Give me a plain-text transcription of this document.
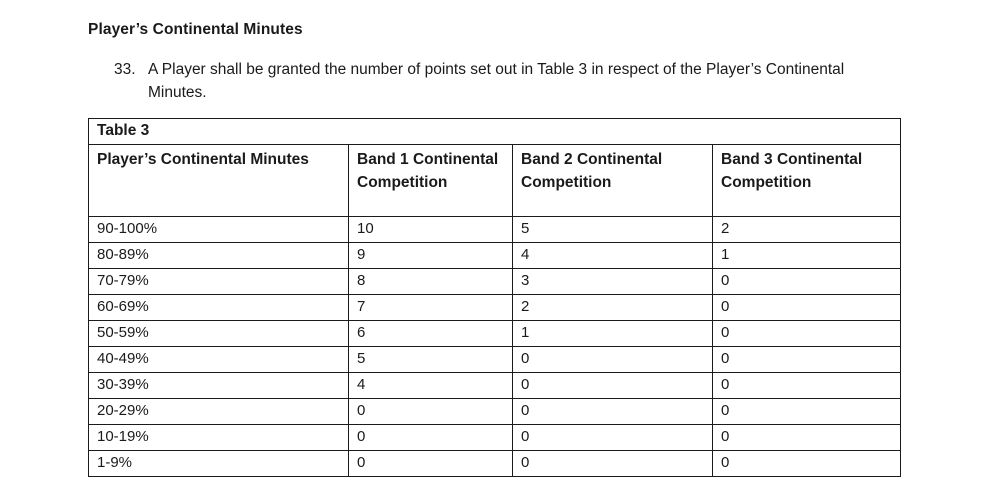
Player’s Continental Minutes
33. A Player shall be granted the number of points set out in Table 3 in respect of the Player’s Continental Minutes.
Table 3			
Player’s Continental Minutes	Band 1 Continental Competition	Band 2 Continental Competition	Band 3 Continental Competition
90-100%	10	5	2
80-89%	9	4	1
70-79%	8	3	0
60-69%	7	2	0
50-59%	6	1	0
40-49%	5	0	0
30-39%	4	0	0
20-29%	0	0	0
10-19%	0	0	0
1-9%	0	0	0
